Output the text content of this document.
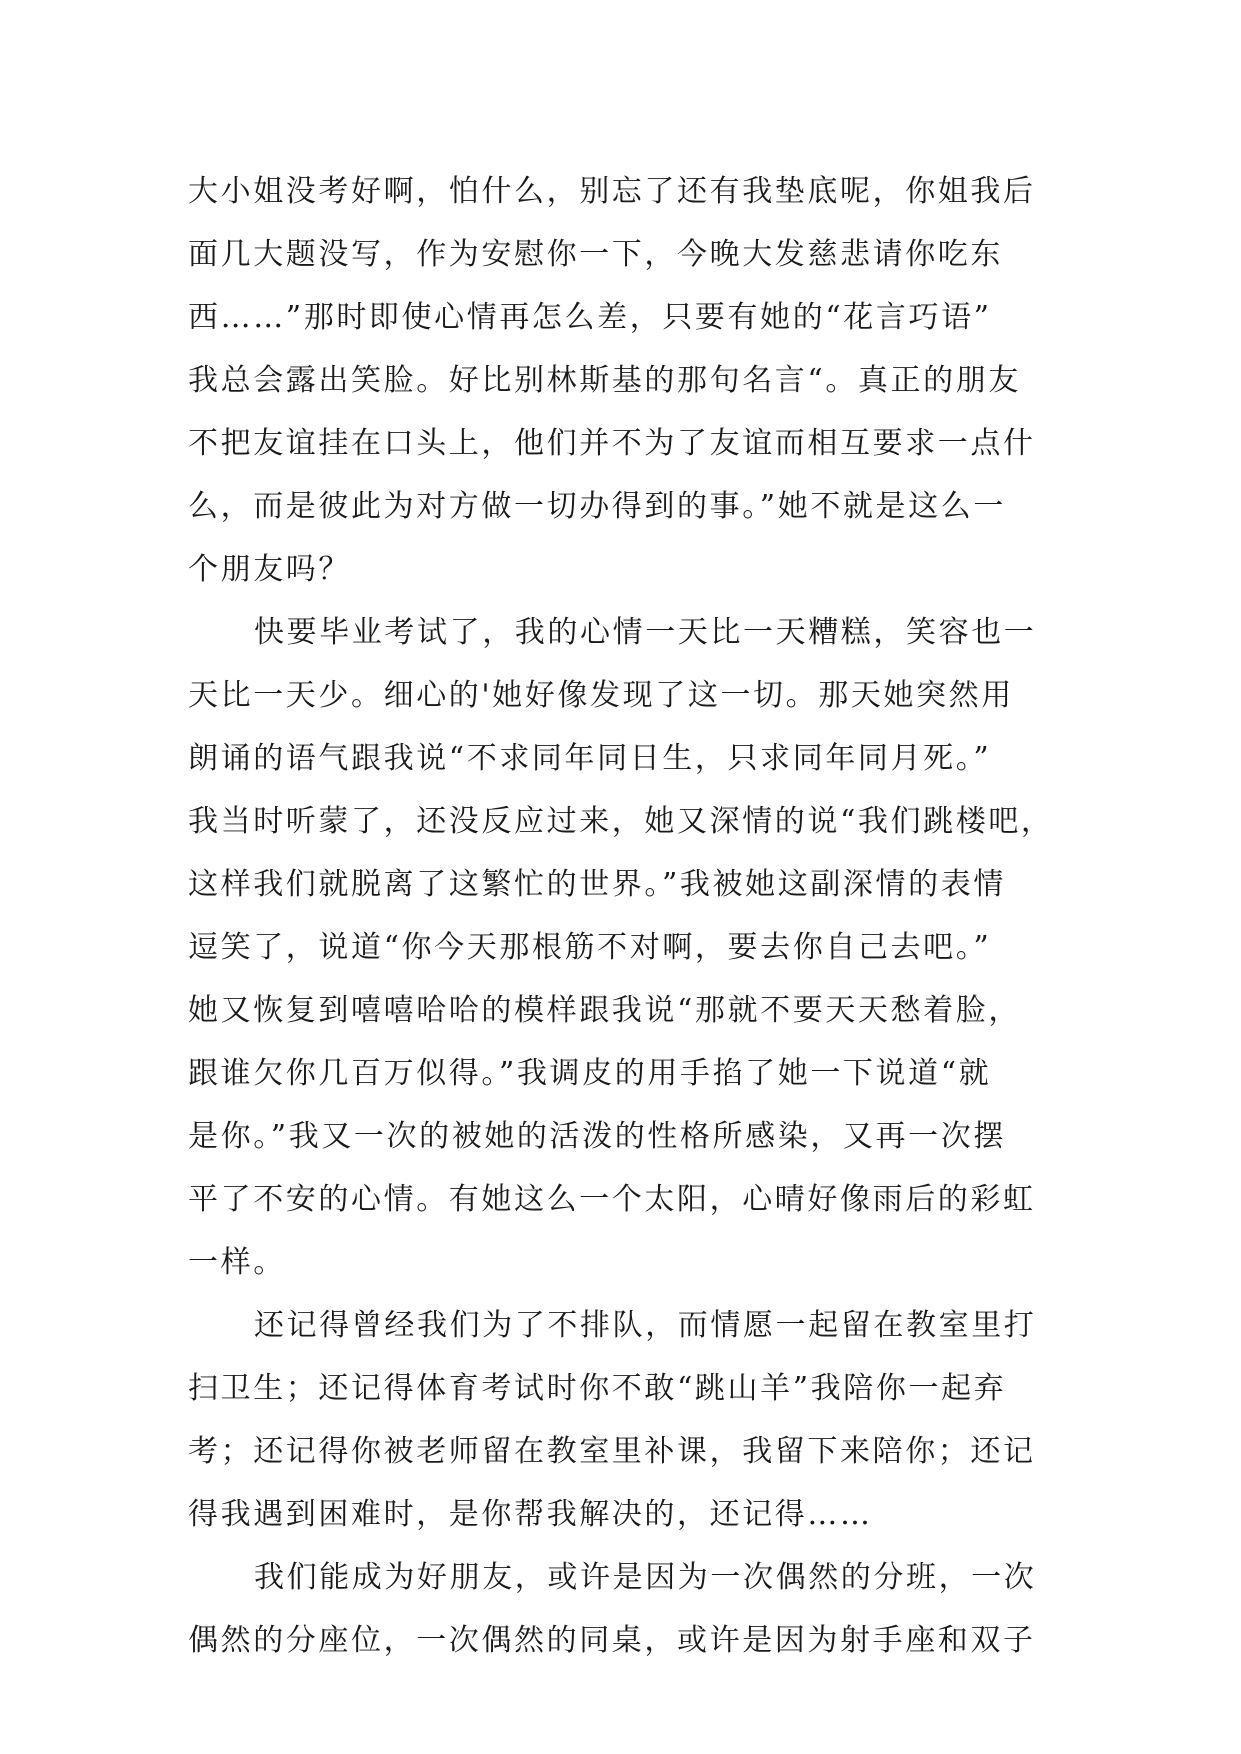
大小姐没考好啊，怕什么，别忘了还有我垫底呢，你姐我后
面几大题没写，作为安慰你一下，今晚大发慈悲请你吃东
西……”那时即使心情再怎么差，只要有她的“花言巧语”
我总会露出笑脸。好比别林斯基的那句名言“。真正的朋友
不把友谊挂在口头上，他们并不为了友谊而相互要求一点什
么，而是彼此为对方做一切办得到的事。”她不就是这么一
个朋友吗？
快要毕业考试了，我的心情一天比一天糟糕，笑容也一
天比一天少。细心的'她好像发现了这一切。那天她突然用
朗诵的语气跟我说“不求同年同日生，只求同年同月死。”
我当时听蒙了，还没反应过来，她又深情的说“我们跳楼吧，
这样我们就脱离了这繁忙的世界。”我被她这副深情的表情
逗笑了，说道“你今天那根筋不对啊，要去你自己去吧。”
她又恢复到嘻嘻哈哈的模样跟我说“那就不要天天愁着脸，
跟谁欠你几百万似得。”我调皮的用手掐了她一下说道“就
是你。”我又一次的被她的活泼的性格所感染，又再一次摆
平了不安的心情。有她这么一个太阳，心晴好像雨后的彩虹
一样。
还记得曾经我们为了不排队，而情愿一起留在教室里打
扫卫生；还记得体育考试时你不敢“跳山羊”我陪你一起弃
考；还记得你被老师留在教室里补课，我留下来陪你；还记
得我遇到困难时，是你帮我解决的，还记得……
我们能成为好朋友，或许是因为一次偶然的分班，一次
偶然的分座位，一次偶然的同桌，或许是因为射手座和双子
